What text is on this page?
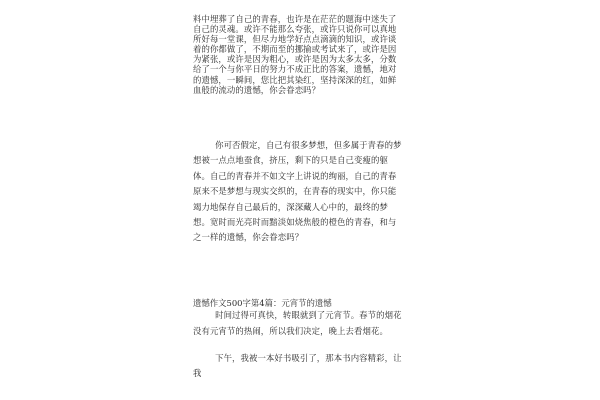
料中埋葬了自己的青春，也许是在茫茫的题海中迷失了自己的灵魂。或许不能那么夸张，或许只说你可以真地所好每一堂课，但尽力地学好点点滴滴的知识，或许谈着的你都做了，不期而至的挪揄或考试来了，或许是因为紧张，或许是因为粗心，或许是因为太多太多，分数给了一个与你平日的努力不成正比的答案，遗憾，地对的遗憾，一瞬间，您比把其染红，坚持深深的红，如鲜血般的流动的遗憾，你会眷恋吗？
你可否假定，自己有很多梦想，但多属于青春的梦想被一点点地蚕食，挤压，剩下的只是自己变瘦的躯体。自己的青春并不如文字上讲说的绚丽，自己的青春原来不是梦想与现实交织的，在青春的现实中，你只能竭力地保存自己最后的，深深藏人心中的，最终的梦想。宽时而光亮时而黯淡如烧焦般的橙色的青春，和与之一样的遗憾，你会眷恋吗？
遗憾作文500字第4篇：元宵节的遗憾
时间过得可真快，转眼就到了元宵节。春节的烟花没有元宵节的热闹，所以我们决定，晚上去看烟花。
下午，我被一本好书吸引了，那本书内容精彩，让我
